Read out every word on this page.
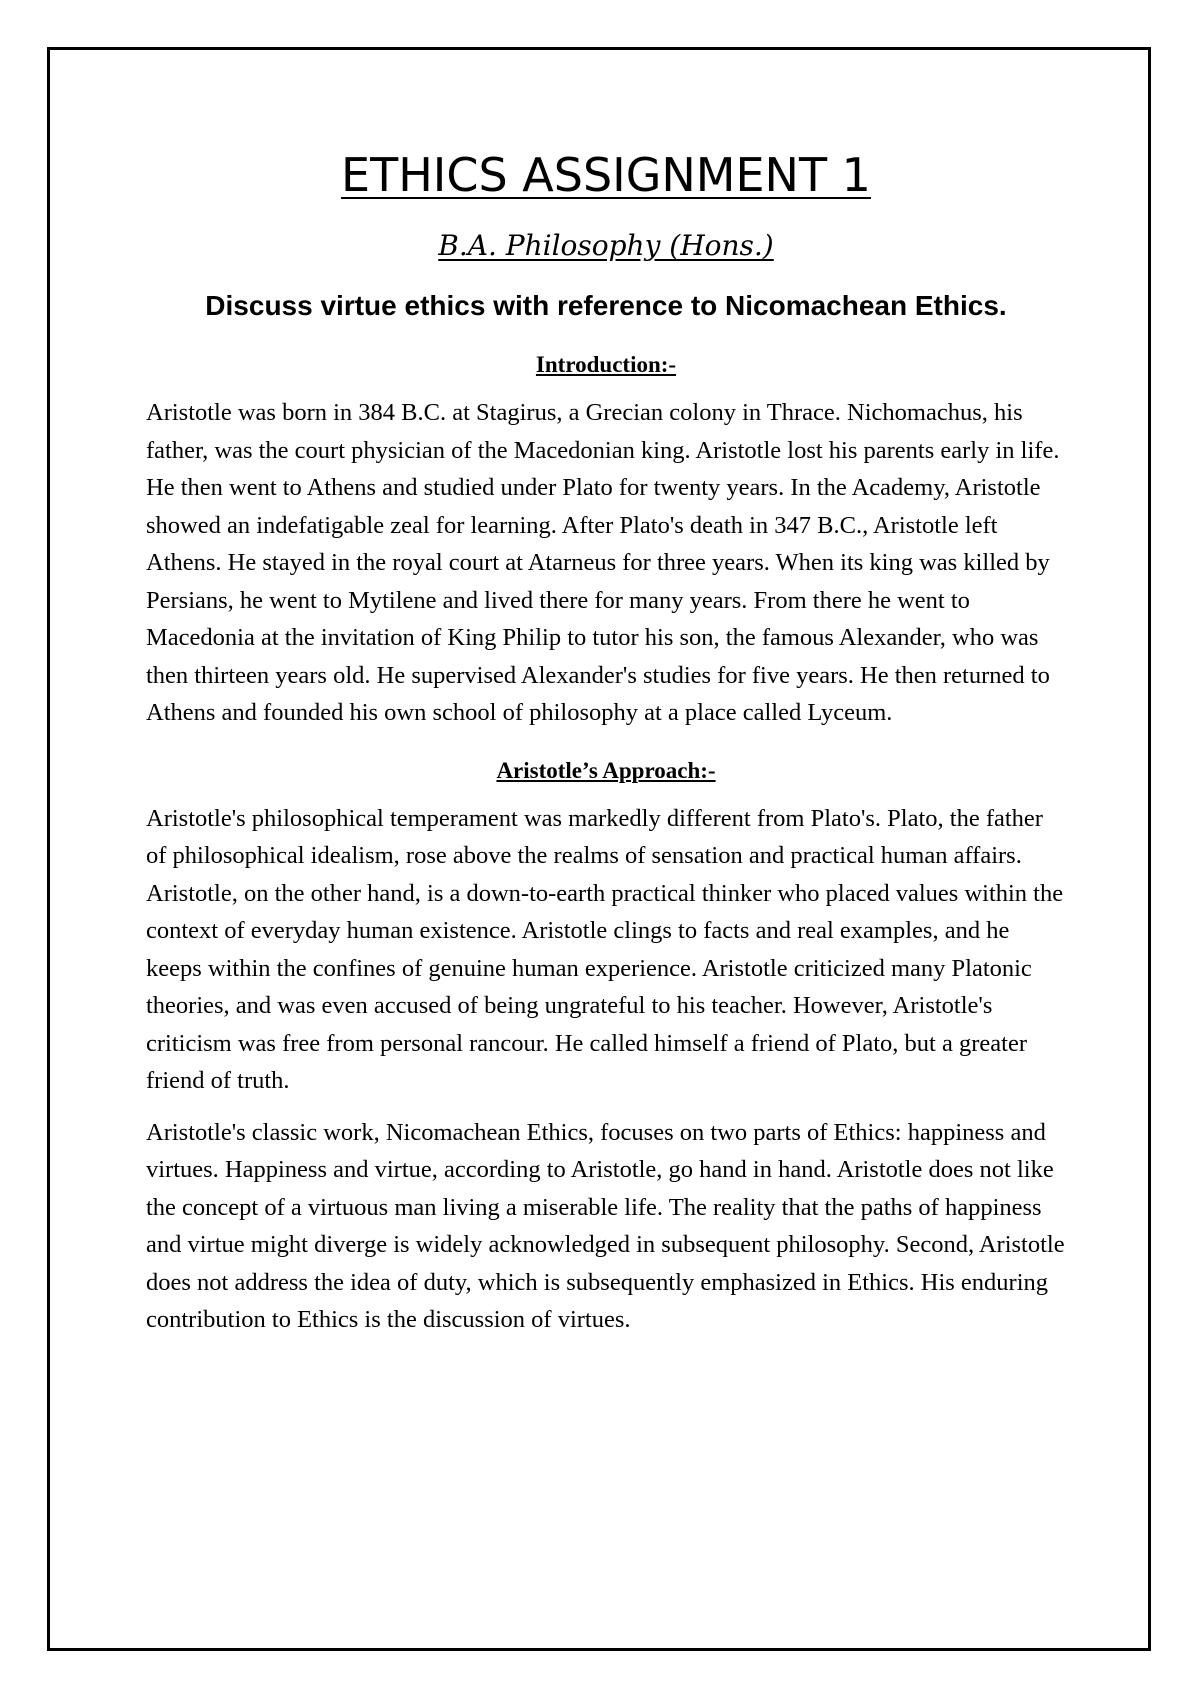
ETHICS ASSIGNMENT 1
B.A. Philosophy (Hons.)
Discuss virtue ethics with reference to Nicomachean Ethics.
Introduction:-

Aristotle was born in 384 B.C. at Stagirus, a Grecian colony in Thrace. Nichomachus, his father, was the court physician of the Macedonian king. Aristotle lost his parents early in life. He then went to Athens and studied under Plato for twenty years. In the Academy, Aristotle showed an indefatigable zeal for learning. After Plato's death in 347 B.C., Aristotle left Athens. He stayed in the royal court at Atarneus for three years. When its king was killed by Persians, he went to Mytilene and lived there for many years. From there he went to Macedonia at the invitation of King Philip to tutor his son, the famous Alexander, who was then thirteen years old. He supervised Alexander's studies for five years. He then returned to Athens and founded his own school of philosophy at a place called Lyceum.

Aristotle’s Approach:-

Aristotle's philosophical temperament was markedly different from Plato's. Plato, the father of philosophical idealism, rose above the realms of sensation and practical human affairs. Aristotle, on the other hand, is a down-to-earth practical thinker who placed values within the context of everyday human existence. Aristotle clings to facts and real examples, and he keeps within the confines of genuine human experience. Aristotle criticized many Platonic theories, and was even accused of being ungrateful to his teacher. However, Aristotle's criticism was free from personal rancour. He called himself a friend of Plato, but a greater friend of truth.

Aristotle's classic work, Nicomachean Ethics, focuses on two parts of Ethics: happiness and virtues. Happiness and virtue, according to Aristotle, go hand in hand. Aristotle does not like the concept of a virtuous man living a miserable life. The reality that the paths of happiness and virtue might diverge is widely acknowledged in subsequent philosophy. Second, Aristotle does not address the idea of duty, which is subsequently emphasized in Ethics. His enduring contribution to Ethics is the discussion of virtues.
